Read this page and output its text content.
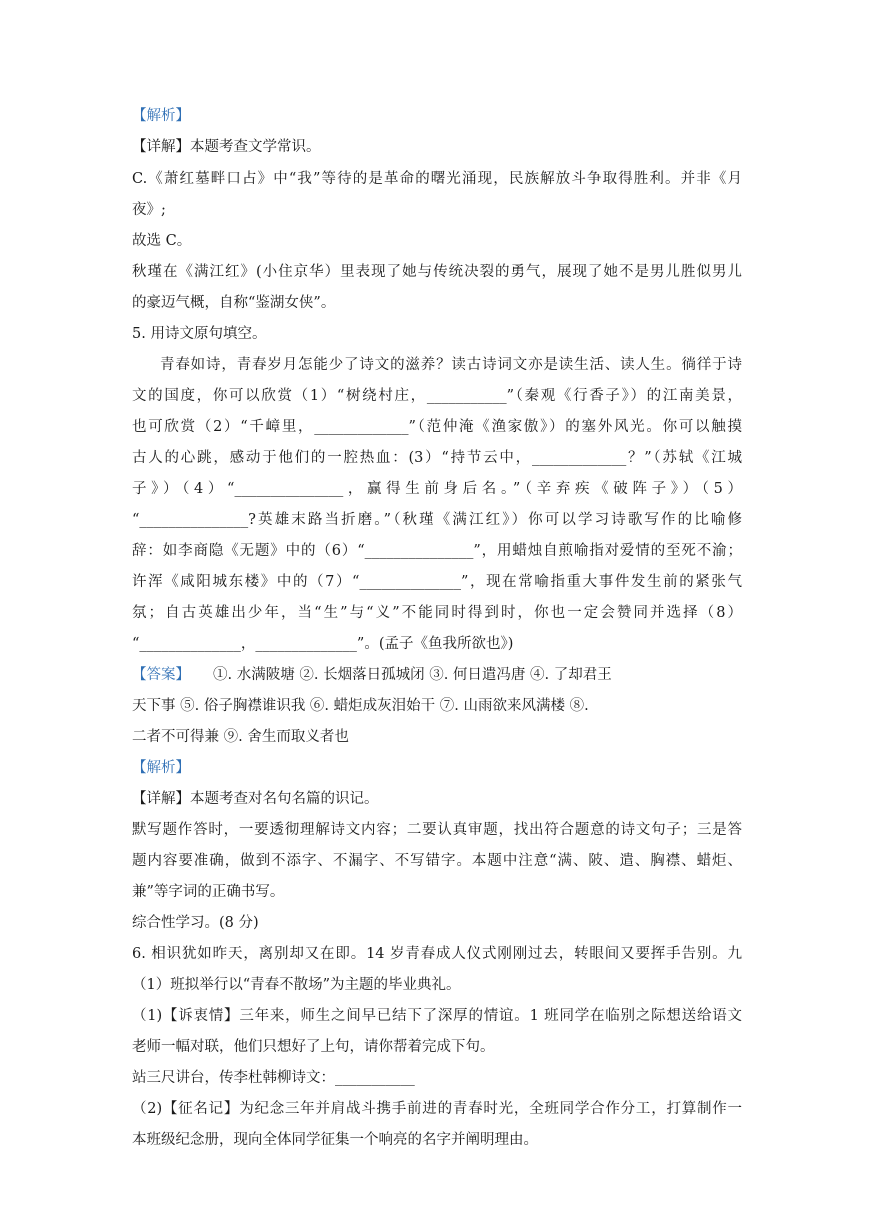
【解析】
【详解】本题考查文学常识。
C.《萧红墓畔口占》中“我”等待的是革命的曙光涌现，民族解放斗争取得胜利。并非《月
夜》;
故选 C。
秋瑾在《满江红》(小住京华）里表现了她与传统决裂的勇气，展现了她不是男儿胜似男儿
的豪迈气概，自称“鉴湖女侠”。
5. 用诗文原句填空。
青春如诗，青春岁月怎能少了诗文的滋养？读古诗词文亦是读生活、读人生。徜徉于诗
文的国度，你可以欣赏（1）“树绕村庄，___________”（秦观《行香子》）的江南美景，
也可欣赏（2）“千嶂里，_____________”（范仲淹《渔家傲》）的塞外风光。你可以触摸
古人的心跳，感动于他们的一腔热血：(3）“持节云中，_____________？”（苏轼《江城
子》）（4）“_______________，赢得生前身后名。”（辛弃疾《破阵子》）（5）
“_______________?英雄末路当折磨。”（秋瑾《满江红》）你可以学习诗歌写作的比喻修
辞：如李商隐《无题》中的（6）“_______________”，用蜡烛自煎喻指对爱情的至死不渝；
许浑《咸阳城东楼》中的（7）“______________”，现在常喻指重大事件发生前的紧张气
氛；自古英雄出少年，当“生”与“义”不能同时得到时，你也一定会赞同并选择（8）
“______________，______________”。(孟子《鱼我所欲也》)
【答案】 ①. 水满陂塘 ②. 长烟落日孤城闭 ③. 何日遣冯唐 ④. 了却君王
天下事 ⑤. 俗子胸襟谁识我 ⑥. 蜡炬成灰泪始干 ⑦. 山雨欲来风满楼 ⑧.
二者不可得兼 ⑨. 舍生而取义者也
【解析】
【详解】本题考查对名句名篇的识记。
默写题作答时，一要透彻理解诗文内容；二要认真审题，找出符合题意的诗文句子；三是答
题内容要准确，做到不添字、不漏字、不写错字。本题中注意“满、陂、遣、胸襟、蜡炬、
兼”等字词的正确书写。
综合性学习。(8 分)
6. 相识犹如昨天，离别却又在即。14 岁青春成人仪式刚刚过去，转眼间又要挥手告别。九
（1）班拟举行以“青春不散场”为主题的毕业典礼。
（1)【诉衷情】三年来，师生之间早已结下了深厚的情谊。1 班同学在临别之际想送给语文
老师一幅对联，他们只想好了上句，请你帮着完成下句。
站三尺讲台，传李杜韩柳诗文：___________
（2)【征名记】为纪念三年并肩战斗携手前进的青春时光，全班同学合作分工，打算制作一
本班级纪念册，现向全体同学征集一个响亮的名字并阐明理由。
